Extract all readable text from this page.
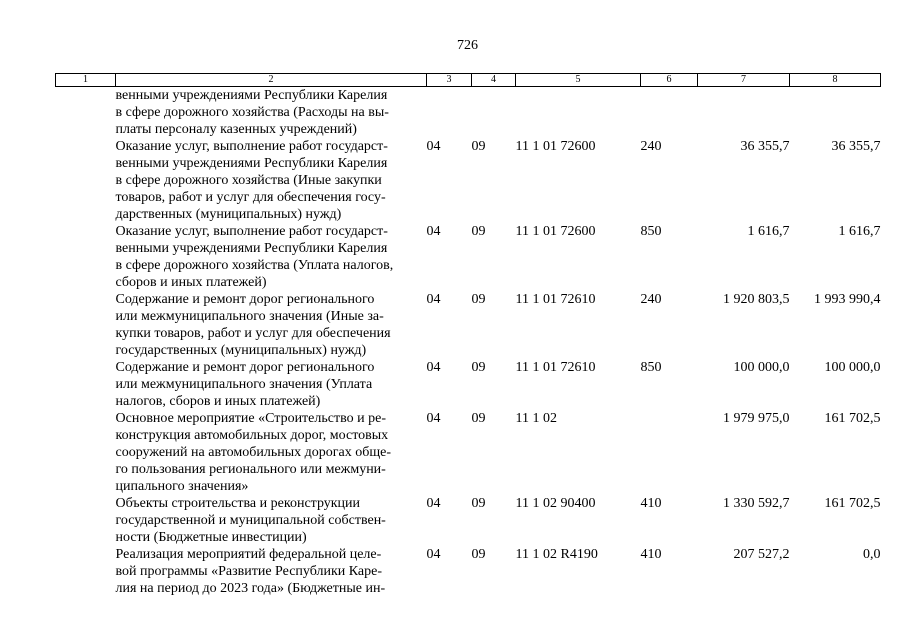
726
1	2	3	4	5	6	7	8

	венными учреждениями Республики Карелия
в сфере дорожного хозяйства (Расходы на вы-
платы персоналу казенных учреждений)						

	Оказание услуг, выполнение работ государст-
венными учреждениями Республики Карелия
в сфере дорожного хозяйства (Иные закупки
товаров, работ и услуг для обеспечения госу-
дарственных (муниципальных) нужд)	04	09	11 1 01 72600	240	36 355,7	36 355,7

	Оказание услуг, выполнение работ государст-
венными учреждениями Республики Карелия
в сфере дорожного хозяйства (Уплата налогов,
сборов и иных платежей)	04	09	11 1 01 72600	850	1 616,7	1 616,7

	Содержание и ремонт дорог регионального
или межмуниципального значения (Иные за-
купки товаров, работ и услуг для обеспечения
государственных (муниципальных) нужд)	04	09	11 1 01 72610	240	1 920 803,5	1 993 990,4

	Содержание и ремонт дорог регионального
или межмуниципального значения (Уплата
налогов, сборов и иных платежей)	04	09	11 1 01 72610	850	100 000,0	100 000,0

	Основное мероприятие «Строительство и ре-
конструкция автомобильных дорог, мостовых
сооружений на автомобильных дорогах обще-
го пользования регионального или межмуни-
ципального значения»	04	09	11 1 02		1 979 975,0	161 702,5

	Объекты строительства и реконструкции
государственной и муниципальной собствен-
ности (Бюджетные инвестиции)	04	09	11 1 02 90400	410	1 330 592,7	161 702,5

	Реализация мероприятий федеральной целе-
вой программы «Развитие Республики Каре-
лия на период до 2023 года» (Бюджетные ин-	04	09	11 1 02 R4190	410	207 527,2	0,0
